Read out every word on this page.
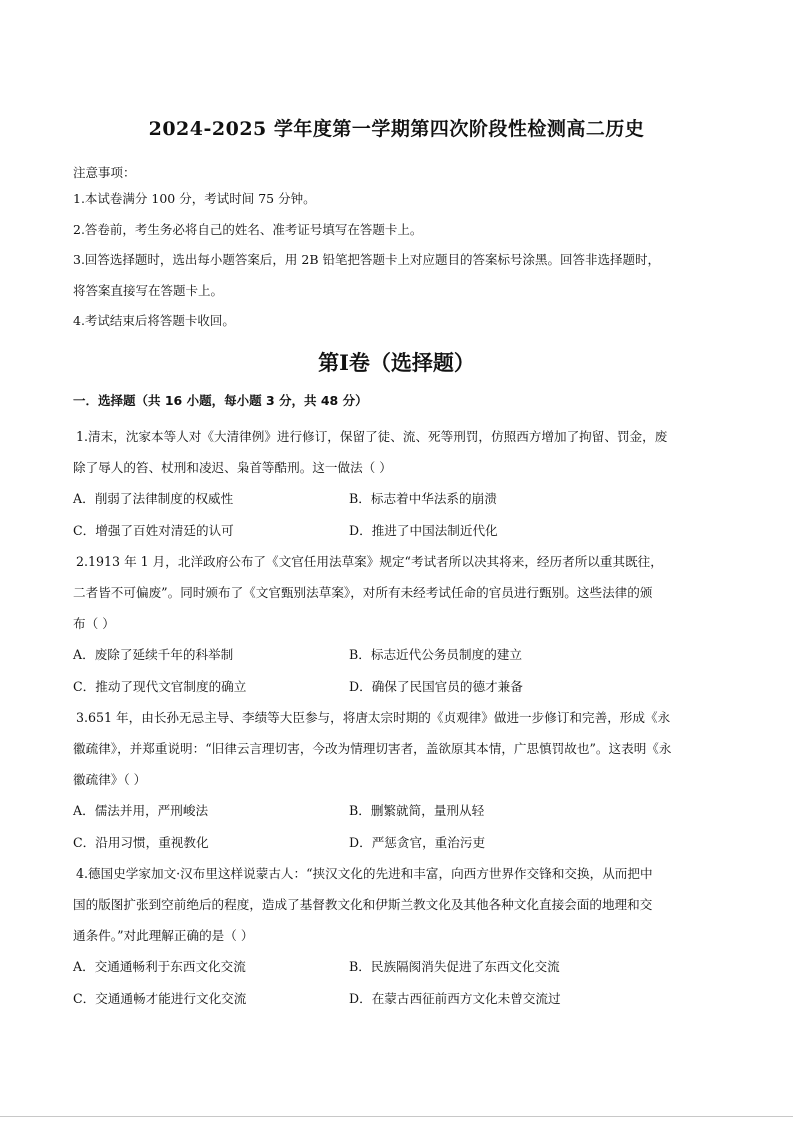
2024-2025 学年度第一学期第四次阶段性检测高二历史
注意事项：
1.本试卷满分 100 分，考试时间 75 分钟。
2.答卷前，考生务必将自己的姓名、准考证号填写在答题卡上。
3.回答选择题时，选出每小题答案后，用 2B 铅笔把答题卡上对应题目的答案标号涂黑。回答非选择题时，
将答案直接写在答题卡上。
4.考试结束后将答题卡收回。
第Ⅰ卷（选择题）
一．选择题（共 16 小题，每小题 3 分，共 48 分）
1.清末，沈家本等人对《大清律例》进行修订，保留了徒、流、死等刑罚，仿照西方增加了拘留、罚金，废
除了辱人的笞、杖刑和凌迟、枭首等酷刑。这一做法（ ）
A．削弱了法律制度的权威性	B．标志着中华法系的崩溃
C．增强了百姓对清廷的认可	D．推进了中国法制近代化
2.1913 年 1 月，北洋政府公布了《文官任用法草案》规定“考试者所以决其将来，经历者所以重其既往，
二者皆不可偏废”。同时颁布了《文官甄别法草案》，对所有未经考试任命的官员进行甄别。这些法律的颁
布（ ）
A．废除了延续千年的科举制	B．标志近代公务员制度的建立
C．推动了现代文官制度的确立	D．确保了民国官员的德才兼备
3.651 年，由长孙无忌主导、李绩等大臣参与，将唐太宗时期的《贞观律》做进一步修订和完善，形成《永
徽疏律》，并郑重说明：“旧律云言理切害，今改为情理切害者，盖欲原其本情，广思慎罚故也”。这表明《永
徽疏律》（ ）
A．儒法并用，严刑峻法	B．删繁就简，量刑从轻
C．沿用习惯，重视教化	D．严惩贪官，重治污吏
4.德国史学家加文·汉布里这样说蒙古人：“挟汉文化的先进和丰富，向西方世界作交锋和交换，从而把中
国的版图扩张到空前绝后的程度，造成了基督教文化和伊斯兰教文化及其他各种文化直接会面的地理和交
通条件。”对此理解正确的是（ ）
A．交通通畅利于东西文化交流	B．民族隔阂消失促进了东西文化交流
C．交通通畅才能进行文化交流	D．在蒙古西征前西方文化未曾交流过
